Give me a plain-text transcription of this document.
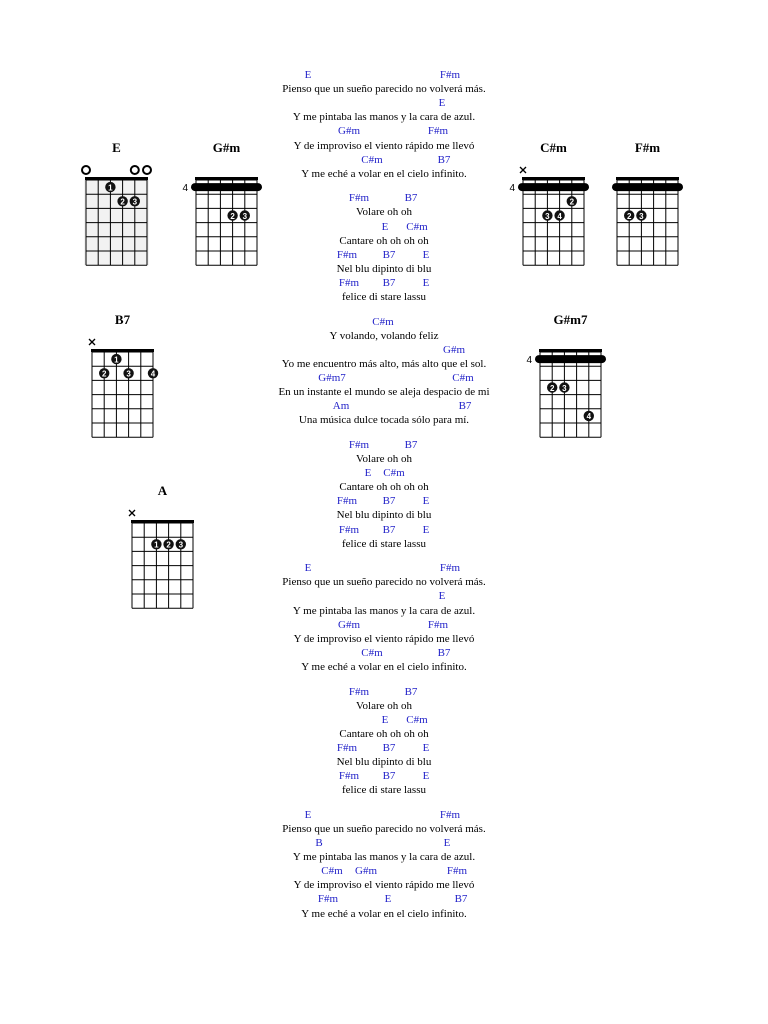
E	F#m
Pienso que un sueño parecido no volverá más.
E
Y me pintaba las manos y la cara de azul.
G#m	F#m
Y de improviso el viento rápido me llevó
C#m	B7
Y me eché a volar en el cielo infinito.
F#m	B7
Volare oh oh
E C#m
Cantare oh oh oh oh
F#m B7 E
Nel blu dipinto di blu
F#m B7 E
felice di stare lassu
C#m
Y volando, volando feliz
G#m
Yo me encuentro más alto, más alto que el sol.
G#m7	C#m
En un instante el mundo se aleja despacio de mi
Am	B7
Una música dulce tocada sólo para mí.
F#m	B7
Volare oh oh
E C#m
Cantare oh oh oh oh
F#m B7 E
Nel blu dipinto di blu
F#m B7 E
felice di stare lassu
E	F#m
Pienso que un sueño parecido no volverá más.
E
Y me pintaba las manos y la cara de azul.
G#m	F#m
Y de improviso el viento rápido me llevó
C#m	B7
Y me eché a volar en el cielo infinito.
F#m	B7
Volare oh oh
E C#m
Cantare oh oh oh oh
F#m B7 E
Nel blu dipinto di blu
F#m B7 E
felice di stare lassu
E	F#m
Pienso que un sueño parecido no volverá más.
B	E
Y me pintaba las manos y la cara de azul.
C#m G#m	F#m
Y de improviso el viento rápido me llevó
F#m	E	B7
Y me eché a volar en el cielo infinito.
E
1
2 3
G#m
4
2 3
C#m
4
3 4
2
F#m
2 3
B7
1
2 3 4
G#m7
4
2 3
4
A
1 2 3
